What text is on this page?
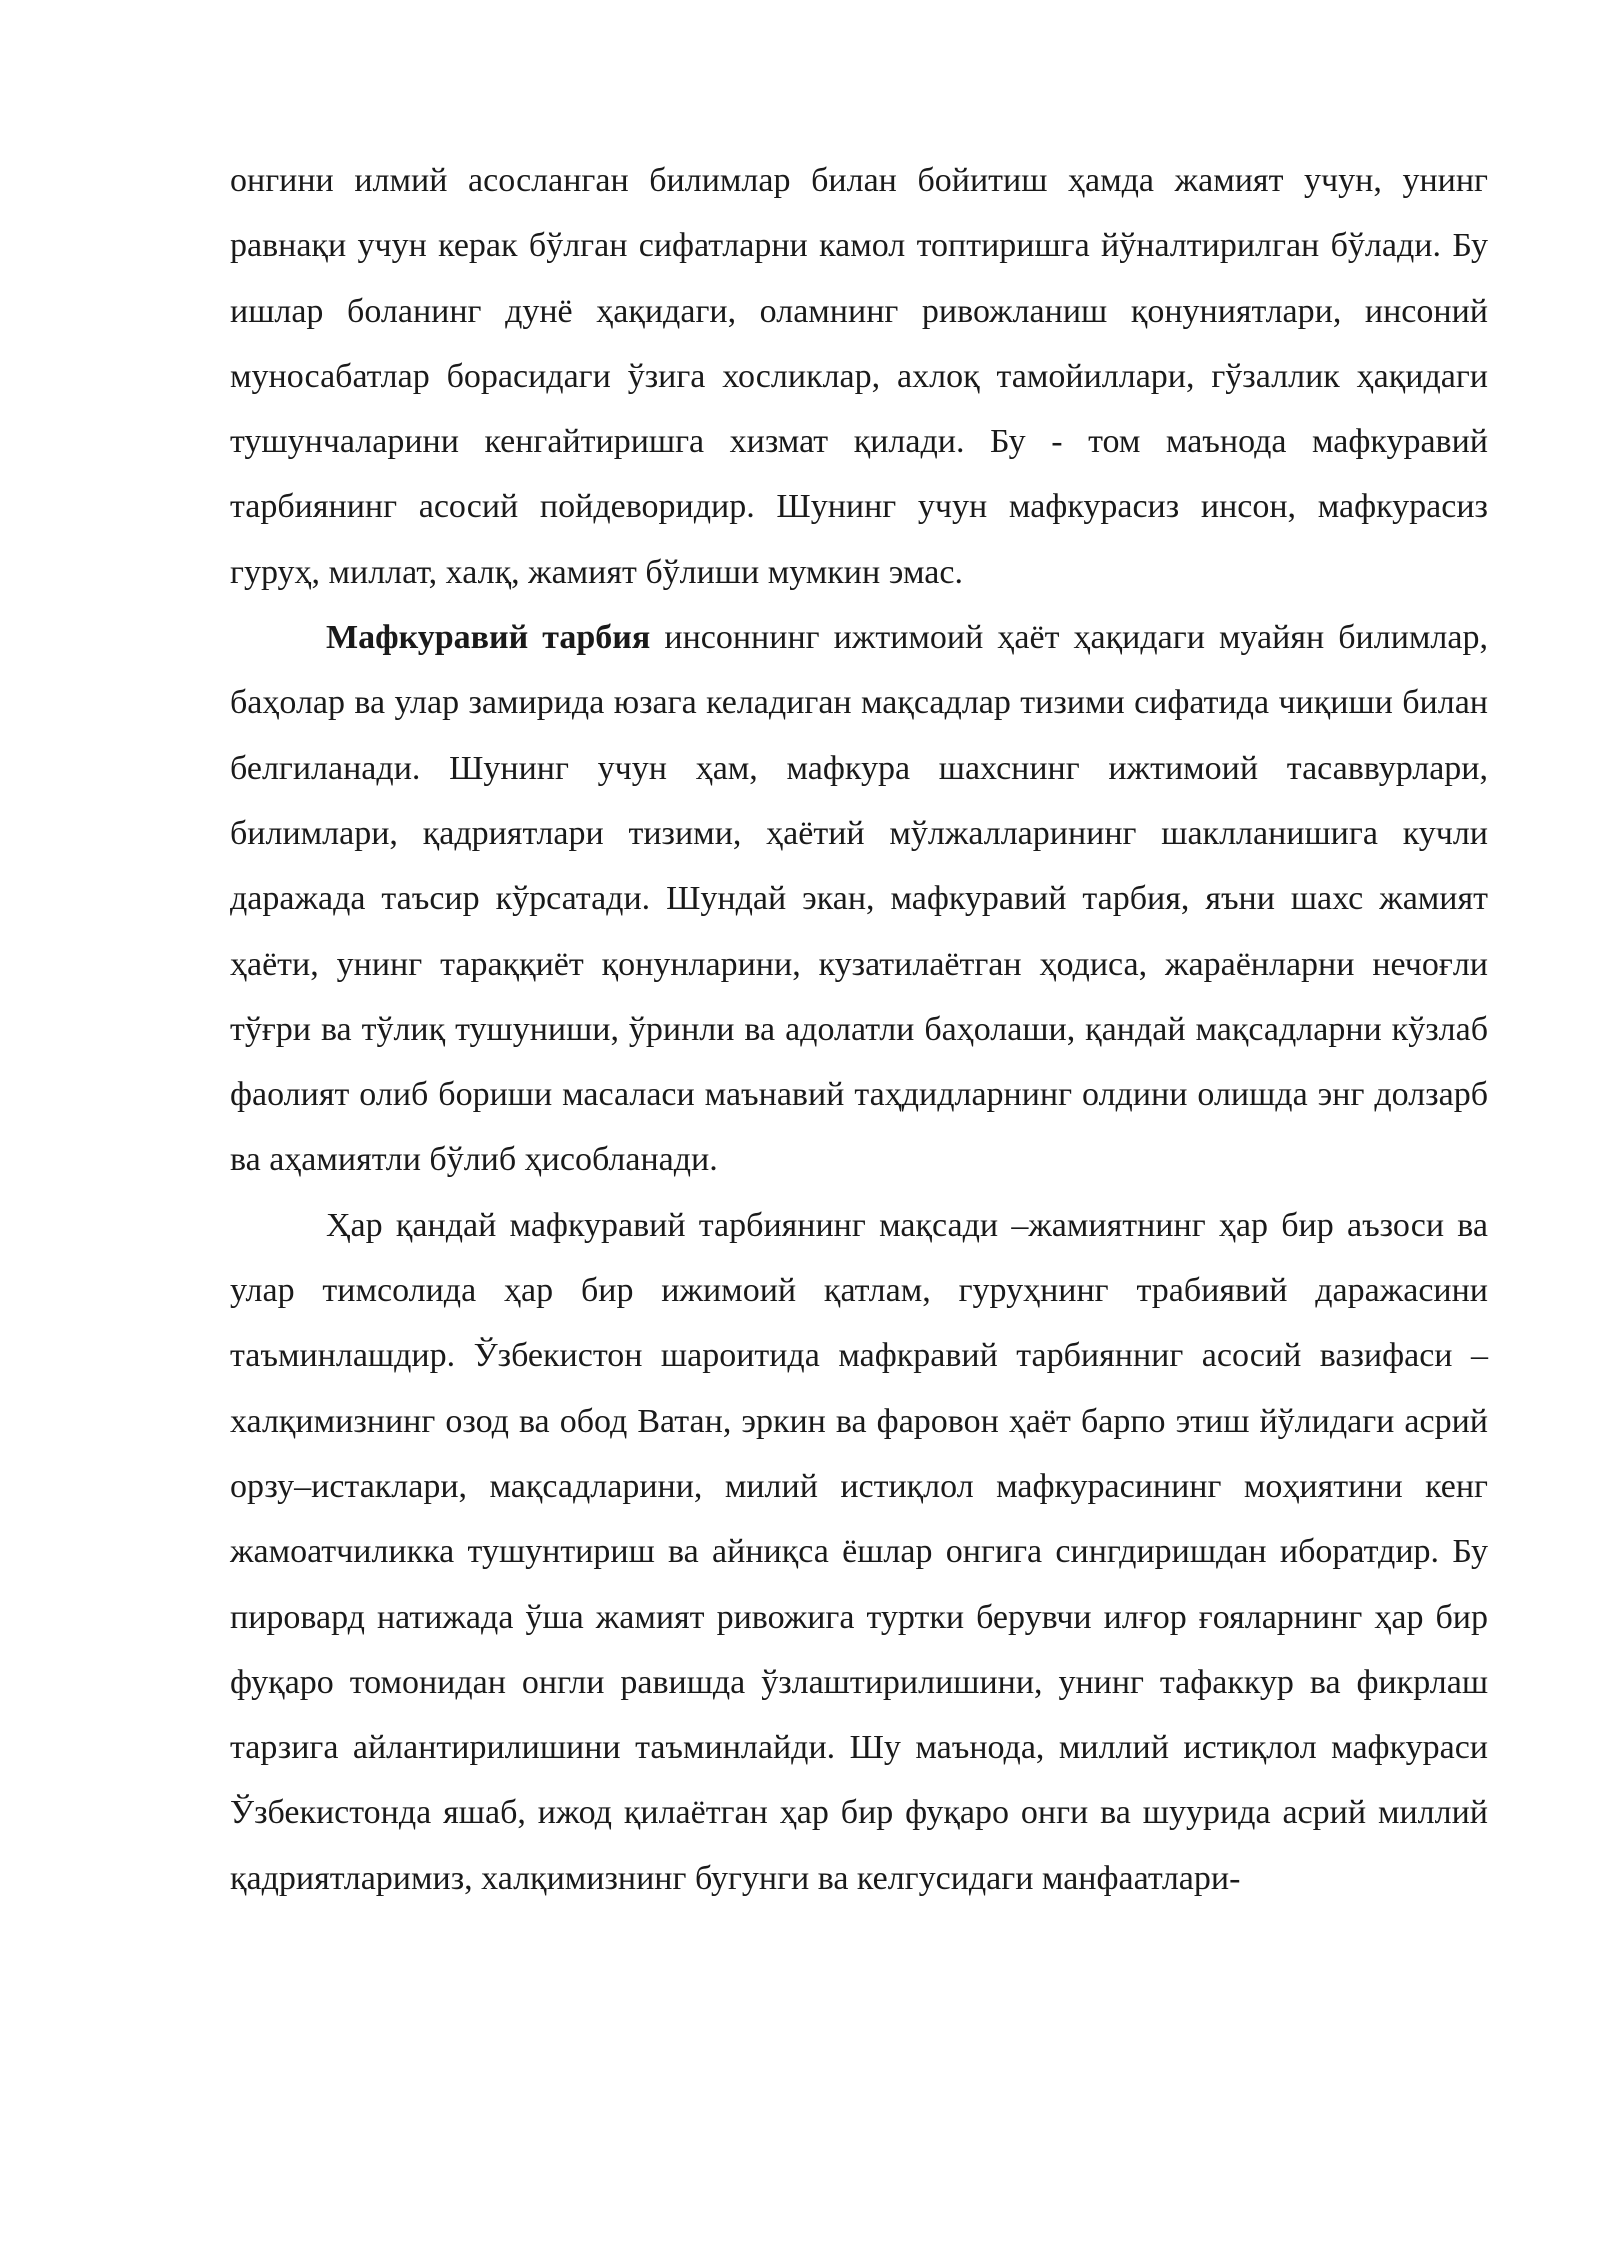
онгини илмий асосланган билимлар билан бойитиш ҳамда жамият учун, унинг равнақи учун керак бўлган сифатларни камол топтиришга йўналтирилган бўлади. Бу ишлар боланинг дунё ҳақидаги, оламнинг ривожланиш қонуниятлари, инсоний муносабатлар борасидаги ўзига хосликлар, ахлоқ тамойиллари, гўзаллик ҳақидаги тушунчаларини кенгайтиришга хизмат қилади. Бу - том маънода мафкуравий тарбиянинг асосий пойдеворидир. Шунинг учун мафкурасиз инсон, мафкурасиз гуруҳ, миллат, халқ, жамият бўлиши мумкин эмас.

Мафкуравий тарбия инсоннинг ижтимоий ҳаёт ҳақидаги муайян билимлар, баҳолар ва улар замирида юзага келадиган мақсадлар тизими сифатида чиқиши билан белгиланади. Шунинг учун ҳам, мафкура шахснинг ижтимоий тасаввурлари, билимлари, қадриятлари тизими, ҳаётий мўлжалларининг шаклланишига кучли даражада таъсир кўрсатади. Шундай экан, мафкуравий тарбия, яъни шахс жамият ҳаёти, унинг тараққиёт қонунларини, кузатилаётган ҳодиса, жараёнларни нечоғли тўғри ва тўлиқ тушуниши, ўринли ва адолатли баҳолаши, қандай мақсадларни кўзлаб фаолият олиб бориши масаласи маънавий таҳдидларнинг олдини олишда энг долзарб ва аҳамиятли бўлиб ҳисобланади.

Ҳар қандай мафкуравий тарбиянинг мақсади –жамиятнинг ҳар бир аъзоси ва улар тимсолида ҳар бир ижимоий қатлам, гуруҳнинг трабиявий даражасини таъминлашдир. Ўзбекистон шароитида мафкравий тарбиянниг асосий вазифаси – халқимизнинг озод ва обод Ватан, эркин ва фаровон ҳаёт барпо этиш йўлидаги асрий орзу–истаклари, мақсадларини, милий истиқлол мафкурасининг моҳиятини кенг жамоатчиликка тушунтириш ва айниқса ёшлар онгига сингдиришдан иборатдир. Бу пировард натижада ўша жамият ривожига туртки берувчи илғор ғояларнинг ҳар бир фуқаро томонидан онгли равишда ўзлаштирилишини, унинг тафаккур ва фикрлаш тарзига айлантирилишини таъминлайди. Шу маънода, миллий истиқлол мафкураси Ўзбекистонда яшаб, ижод қилаётган ҳар бир фуқаро онги ва шуурида асрий миллий қадриятларимиз, халқимизнинг бугунги ва келгусидаги манфаатлари-
